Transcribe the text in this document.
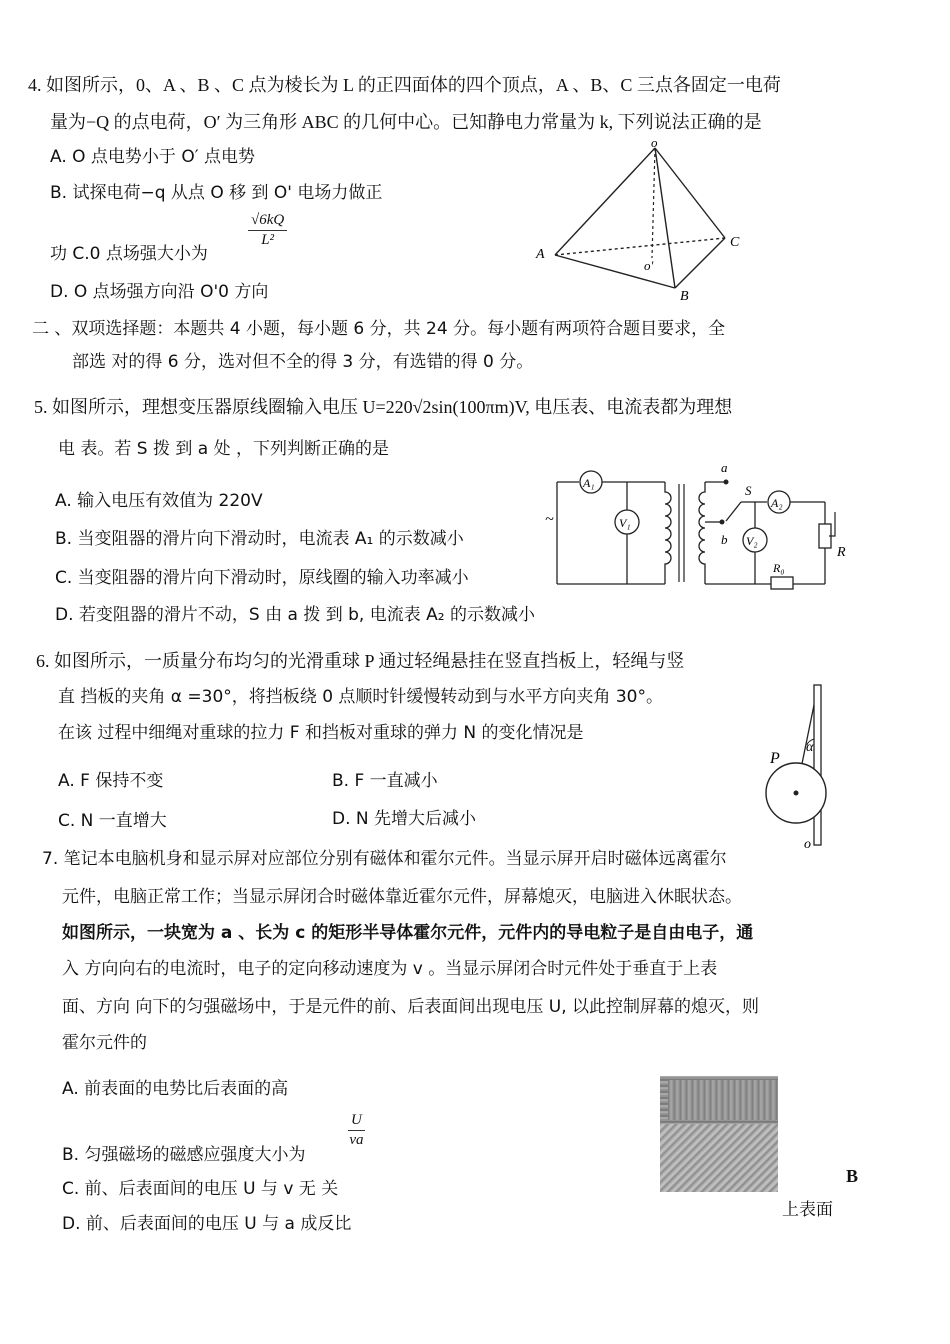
4. 如图所示，0、A 、B 、C 点为棱长为 L 的正四面体的四个顶点，A 、B、C 三点各固定一电荷
量为−Q 的点电荷，O′ 为三角形 ABC 的几何中心。已知静电力常量为 k, 下列说法正确的是
A. O 点电势小于 O′ 点电势
B. 试探电荷−q 从点 O 移 到 O' 电场力做正
功 C.0 点场强大小为
$\frac{√6kQ}{\text{L²}}$
D. O 点场强方向沿 O'0 方向
o
A
B
C
o'
二 、双项选择题：本题共 4 小题，每小题 6 分，共 24 分。每小题有两项符合题目要求，全
部选 对的得 6 分，选对但不全的得 3 分，有选错的得 0 分。
5. 如图所示，理想变压器原线圈输入电压 U=220√2sin(100πm)V, 电压表、电流表都为理想
电 表。若 S 拨 到 a 处 ，下列判断正确的是
A. 输入电压有效值为 220V
B. 当变阻器的滑片向下滑动时，电流表 A₁ 的示数减小
C. 当变阻器的滑片向下滑动时，原线圈的输入功率减小
D. 若变阻器的滑片不动，S 由 a 拨 到 b, 电流表 A₂ 的示数减小
A₁
V₁
A₂
V₂
a
b
S
R
R₀
~
6. 如图所示，一质量分布均匀的光滑重球 P 通过轻绳悬挂在竖直挡板上，轻绳与竖
直 挡板的夹角 α =30°，将挡板绕 0 点顺时针缓慢转动到与水平方向夹角 30°。
在该 过程中细绳对重球的拉力 F 和挡板对重球的弹力 N 的变化情况是
A. F 保持不变	B. F 一直减小
C. N 一直增大	D. N 先增大后减小
P
α
o
7. 笔记本电脑机身和显示屏对应部位分别有磁体和霍尔元件。当显示屏开启时磁体远离霍尔
元件，电脑正常工作；当显示屏闭合时磁体靠近霍尔元件，屏幕熄灭，电脑进入休眠状态。
如图所示，一块宽为 a 、长为 c 的矩形半导体霍尔元件，元件内的导电粒子是自由电子，通
入 方向向右的电流时，电子的定向移动速度为 v 。当显示屏闭合时元件处于垂直于上表
面、方向 向下的匀强磁场中，于是元件的前、后表面间出现电压 U, 以此控制屏幕的熄灭，则
霍尔元件的
A. 前表面的电势比后表面的高
$\frac{U}{va}$
B. 匀强磁场的磁感应强度大小为
C. 前、后表面间的电压 U 与 v 无 关
D. 前、后表面间的电压 U 与 a 成反比
B
上表面
